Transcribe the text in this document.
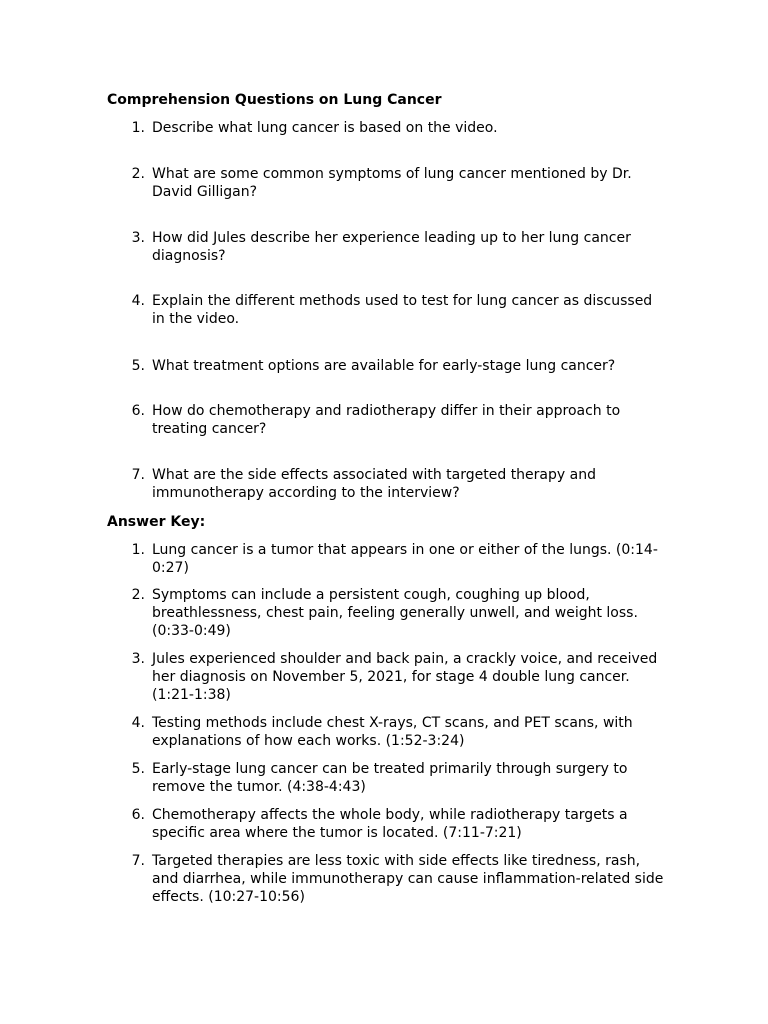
Comprehension Questions on Lung Cancer
1. Describe what lung cancer is based on the video.
2. What are some common symptoms of lung cancer mentioned by Dr. David Gilligan?
3. How did Jules describe her experience leading up to her lung cancer diagnosis?
4. Explain the different methods used to test for lung cancer as discussed in the video.
5. What treatment options are available for early-stage lung cancer?
6. How do chemotherapy and radiotherapy differ in their approach to treating cancer?
7. What are the side effects associated with targeted therapy and immunotherapy according to the interview?
Answer Key:
1. Lung cancer is a tumor that appears in one or either of the lungs. (0:14-0:27)
2. Symptoms can include a persistent cough, coughing up blood, breathlessness, chest pain, feeling generally unwell, and weight loss. (0:33-0:49)
3. Jules experienced shoulder and back pain, a crackly voice, and received her diagnosis on November 5, 2021, for stage 4 double lung cancer. (1:21-1:38)
4. Testing methods include chest X-rays, CT scans, and PET scans, with explanations of how each works. (1:52-3:24)
5. Early-stage lung cancer can be treated primarily through surgery to remove the tumor. (4:38-4:43)
6. Chemotherapy affects the whole body, while radiotherapy targets a specific area where the tumor is located. (7:11-7:21)
7. Targeted therapies are less toxic with side effects like tiredness, rash, and diarrhea, while immunotherapy can cause inflammation-related side effects. (10:27-10:56)
